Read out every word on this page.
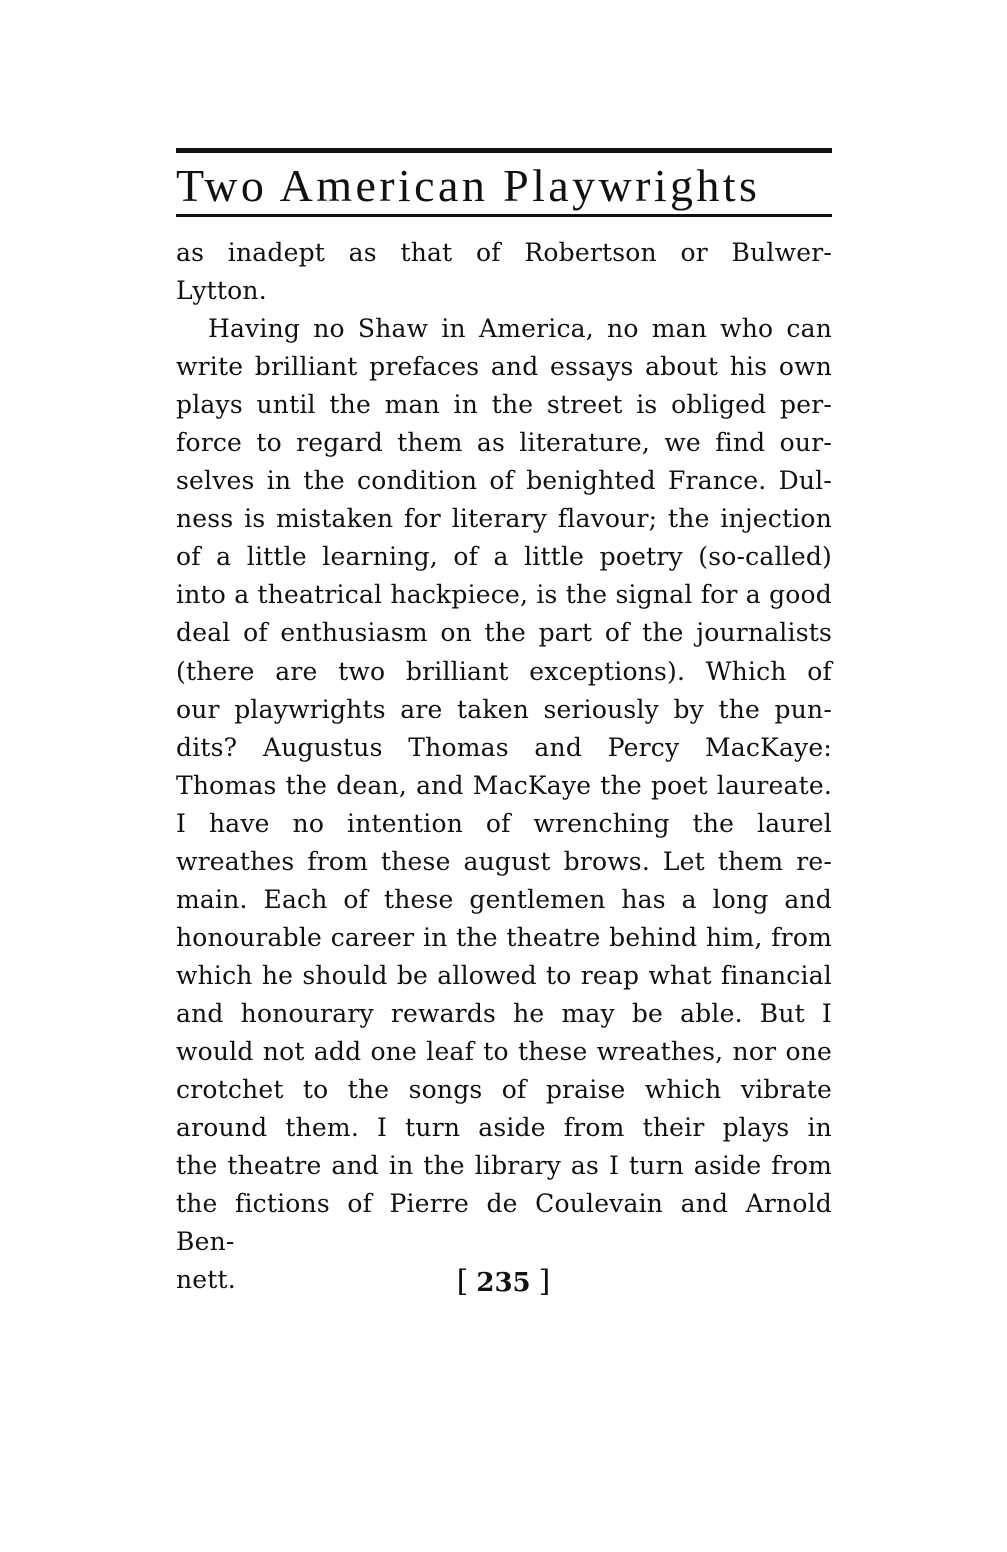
Two American Playwrights

as inadept as that of Robertson or Bulwer-

Lytton.

Having no Shaw in America, no man who can

write brilliant prefaces and essays about his own

plays until the man in the street is obliged per-

force to regard them as literature, we find our-

selves in the condition of benighted France. Dul-

ness is mistaken for literary flavour; the injection

of a little learning, of a little poetry (so-called)

into a theatrical hackpiece, is the signal for a good

deal of enthusiasm on the part of the journalists

(there are two brilliant exceptions). Which of

our playwrights are taken seriously by the pun-

dits? Augustus Thomas and Percy MacKaye:

Thomas the dean, and MacKaye the poet laureate.

I have no intention of wrenching the laurel

wreathes from these august brows. Let them re-

main. Each of these gentlemen has a long and

honourable career in the theatre behind him, from

which he should be allowed to reap what financial

and honourary rewards he may be able. But I

would not add one leaf to these wreathes, nor one

crotchet to the songs of praise which vibrate

around them. I turn aside from their plays in

the theatre and in the library as I turn aside from

the fictions of Pierre de Coulevain and Arnold Ben-

nett.	[ 235 ]
